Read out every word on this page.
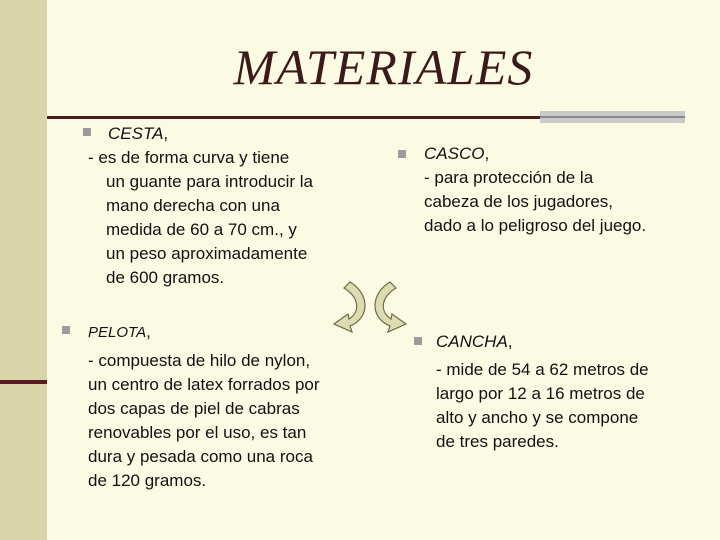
MATERIALES
CESTA,
- es de forma curva y tiene
un guante para introducir la
mano derecha con una
medida de 60 a 70 cm., y
un peso aproximadamente
de 600 gramos.
CASCO,
- para protección de la
cabeza de los jugadores,
dado a lo peligroso del juego.
PELOTA,
- compuesta de hilo de nylon,
un centro de latex forrados por
dos capas de piel de cabras
renovables por el uso, es tan
dura y pesada como una roca
de 120 gramos.
CANCHA,
- mide de 54 a 62 metros de
largo por 12 a 16 metros de
alto y ancho y se compone
de tres paredes.
